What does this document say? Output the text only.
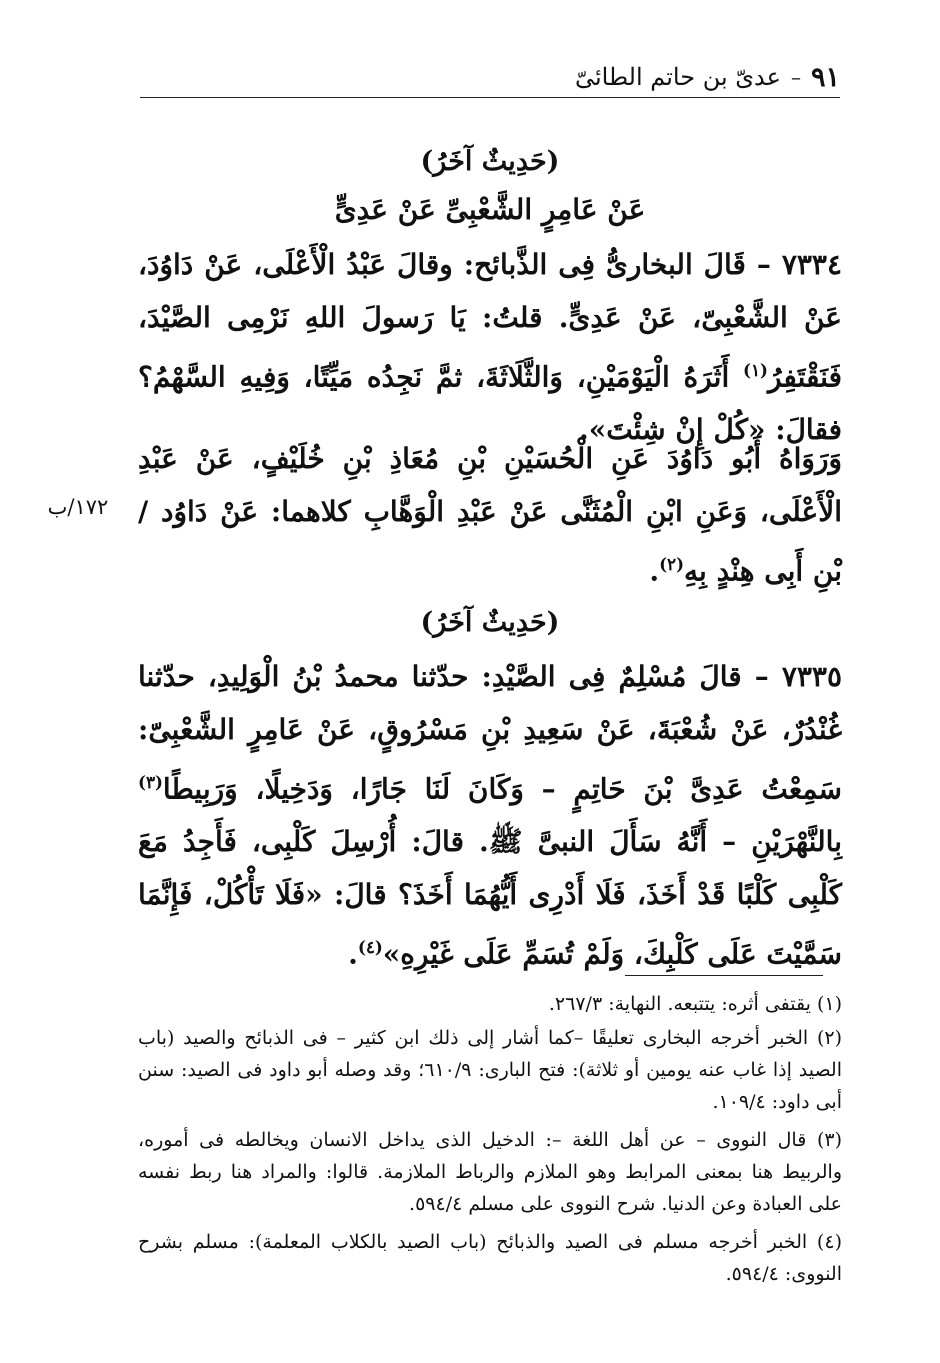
٩١
–
عدىّ بن حاتم الطائىّ
(حَدِيثٌ آخَرُ)
عَنْ عَامِرٍ الشَّعْبِىِّ عَنْ عَدِىٍّ

٧٣٣٤ – قَالَ البخارىُّ فِى الذَّبائح: وقالَ عَبْدُ الْأَعْلَى، عَنْ دَاوُدَ، عَنْ الشَّعْبِىّ، عَنْ عَدِىٍّ. قلتُ: يَا رَسولَ اللهِ نَرْمِى الصَّيْدَ، فَنَقْتَفِرُ$^{(١)}$ أَثَرَهُ الْيَوْمَيْنِ، وَالثَّلَاثَةَ، ثمَّ نَجِدُه مَيِّتًا، وَفِيهِ السَّهْمُ؟ فقالَ: «كُلْ إِنْ شِئْتَ».

وَرَوَاهُ أَبُو دَاوُدَ عَنِ الْحُسَيْنِ بْنِ مُعَاذِ بْنِ خُلَيْفٍ، عَنْ عَبْدِ الْأَعْلَى، وَعَنِ ابْنِ الْمُثَنَّى عَنْ عَبْدِ الْوَهَّابِ كلاهما: عَنْ دَاوُد / بْنِ أَبِى هِنْدٍ بِهِ$^{(٢)}$.

١٧٢/ب
(حَدِيثٌ آخَرُ)

٧٣٣٥ – قالَ مُسْلِمٌ فِى الصَّيْدِ: حدّثنا محمدُ بْنُ الْوَلِيدِ، حدّثنا غُنْدُرٌ، عَنْ شُعْبَةَ، عَنْ سَعِيدِ بْنِ مَسْرُوقٍ، عَنْ عَامِرٍ الشَّعْبِىّ: سَمِعْتُ عَدِىَّ بْنَ حَاتِمٍ – وَكَانَ لَنَا جَارًا، وَدَخِيلًا، وَرَبِيطًا$^{(٣)}$ بِالنَّهْرَيْنِ – أَنَّهُ سَأَلَ النبىَّ ﷺ. قالَ: أُرْسِلَ كَلْبِى، فَأَجِدُ مَعَ كَلْبِى كَلْبًا قَدْ أَخَذَ، فَلَا أَدْرِى أَيُّهُمَا أَخَذَ؟ قالَ: «فَلَا تَأْكُلْ، فَإِنَّمَا سَمَّيْتَ عَلَى كَلْبِكَ، وَلَمْ تُسَمِّ عَلَى غَيْرِهِ»$^{(٤)}$.

(١) يقتفى أثره: يتتبعه. النهاية: ٢٦٧/٣.

(٢) الخبر أخرجه البخارى تعليقًا –كما أشار إلى ذلك ابن كثير – فى الذبائح والصيد (باب الصيد إذا غاب عنه يومين أو ثلاثة): فتح البارى: ٦١٠/٩؛ وقد وصله أبو داود فى الصيد: سنن أبى داود: ١٠٩/٤.

(٣) قال النووى – عن أهل اللغة –: الدخيل الذى يداخل الانسان ويخالطه فى أموره، والربيط هنا بمعنى المرابط وهو الملازم والرباط الملازمة. قالوا: والمراد هنا ربط نفسه على العبادة وعن الدنيا. شرح النووى على مسلم ٥٩٤/٤.

(٤) الخبر أخرجه مسلم فى الصيد والذبائح (باب الصيد بالكلاب المعلمة): مسلم بشرح النووى: ٥٩٤/٤.
